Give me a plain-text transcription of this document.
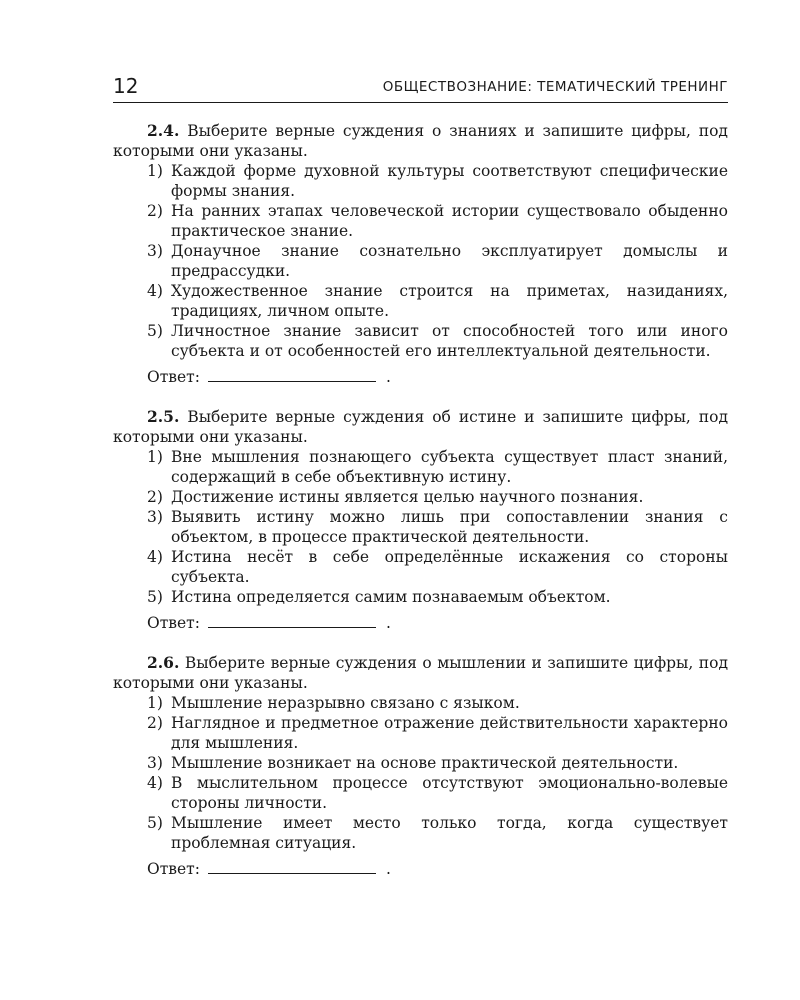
12	ОБЩЕСТВОЗНАНИЕ: ТЕМАТИЧЕСКИЙ ТРЕНИНГ
2.4. Выберите верные суждения о знаниях и запишите цифры, под которыми они указаны.
1) Каждой форме духовной культуры соответствуют специфические формы знания.
2) На ранних этапах человеческой истории существовало обыденно практическое знание.
3) Донаучное знание сознательно эксплуатирует домыслы и предрассудки.
4) Художественное знание строится на приметах, назиданиях, традициях, личном опыте.
5) Личностное знание зависит от способностей того или иного субъекта и от особенностей его интеллектуальной деятельности.
Ответ:	.
2.5. Выберите верные суждения об истине и запишите цифры, под которыми они указаны.
1) Вне мышления познающего субъекта существует пласт знаний, содержащий в себе объективную истину.
2) Достижение истины является целью научного познания.
3) Выявить истину можно лишь при сопоставлении знания с объектом, в процессе практической деятельности.
4) Истина несёт в себе определённые искажения со стороны субъекта.
5) Истина определяется самим познаваемым объектом.
Ответ:	.
2.6. Выберите верные суждения о мышлении и запишите цифры, под которыми они указаны.
1) Мышление неразрывно связано с языком.
2) Наглядное и предметное отражение действительности характерно для мышления.
3) Мышление возникает на основе практической деятельности.
4) В мыслительном процессе отсутствуют эмоционально-волевые стороны личности.
5) Мышление имеет место только тогда, когда существует проблемная ситуация.
Ответ:	.
